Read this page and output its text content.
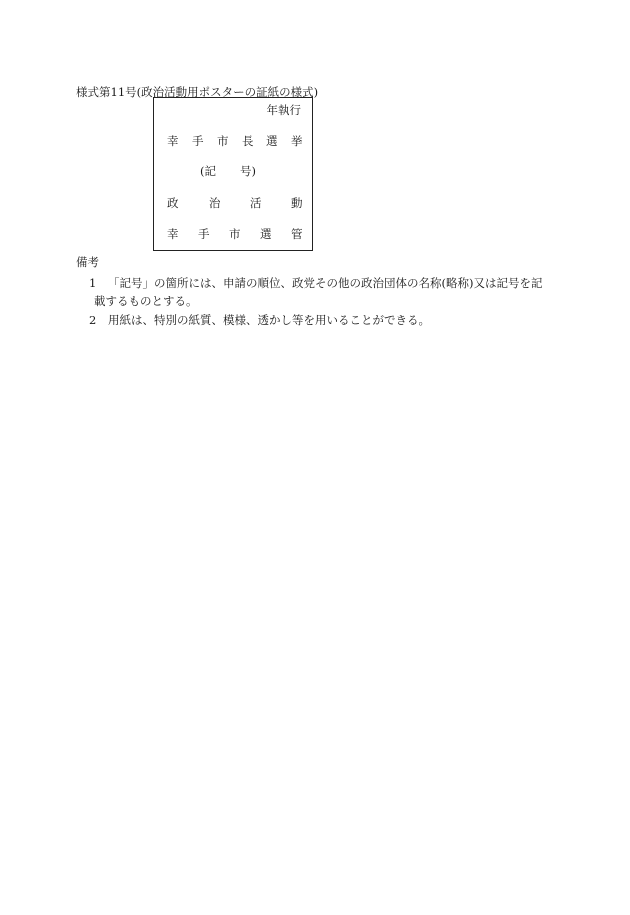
様式第11号(政治活動用ポスターの証紙の様式)
年執行
幸 手 市 長 選 挙
(記 号)
政	治	活	動
幸 手 市 選 管
備考
1 「記号」の箇所には、申請の順位、政党その他の政治団体の名称(略称)又は記号を記
載するものとする。
2 用紙は、特別の紙質、模様、透かし等を用いることができる。
